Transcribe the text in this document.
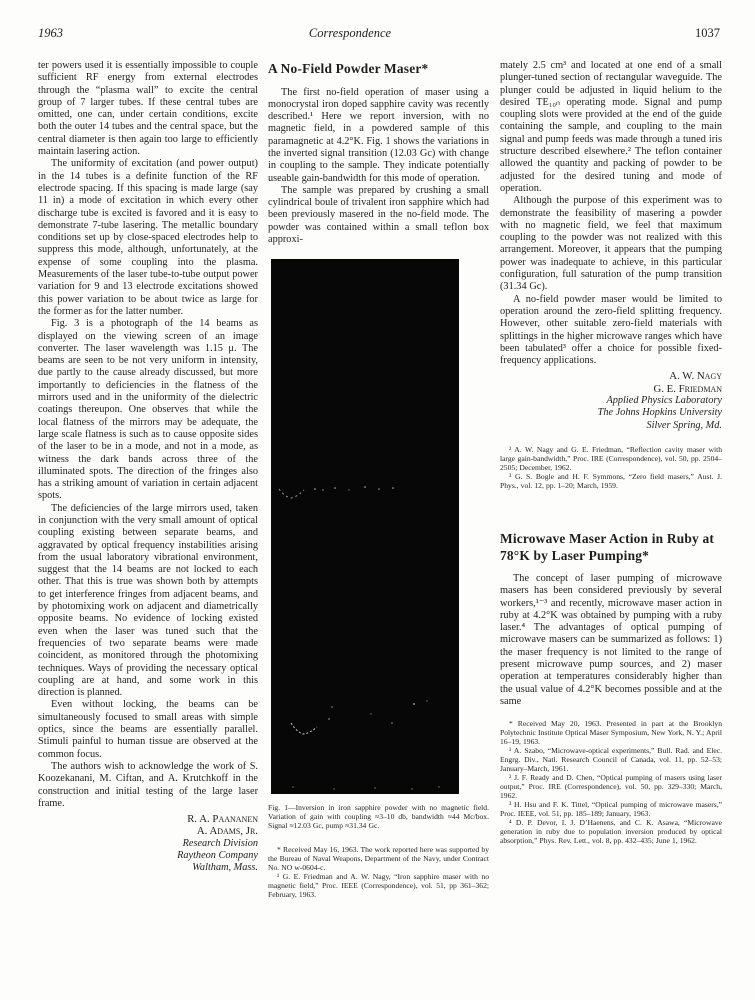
1963	Correspondence	1037

ter powers used it is essentially impossible to couple sufficient RF energy from external electrodes through the “plasma wall” to excite the central group of 7 larger tubes. If these central tubes are omitted, one can, under certain conditions, excite both the outer 14 tubes and the central space, but the central diameter is then again too large to efficiently maintain lasering action.

The uniformity of excitation (and power output) in the 14 tubes is a definite function of the RF electrode spacing. If this spacing is made large (say 11 in) a mode of excitation in which every other discharge tube is excited is favored and it is easy to demonstrate 7-tube lasering. The metallic boundary conditions set up by close-spaced electrodes help to suppress this mode, although, unfortunately, at the expense of some coupling into the plasma. Measurements of the laser tube-to-tube output power variation for 9 and 13 electrode excitations showed this power variation to be about twice as large for the former as for the latter number.

Fig. 3 is a photograph of the 14 beams as displayed on the viewing screen of an image converter. The laser wavelength was 1.15 μ. The beams are seen to be not very uniform in intensity, due partly to the cause already discussed, but more importantly to deficiencies in the flatness of the mirrors used and in the uniformity of the dielectric coatings thereupon. One observes that while the local flatness of the mirrors may be adequate, the large scale flatness is such as to cause opposite sides of the laser to be in a mode, and not in a mode, as witness the dark bands across three of the illuminated spots. The direction of the fringes also has a striking amount of variation in certain adjacent spots.

The deficiencies of the large mirrors used, taken in conjunction with the very small amount of optical coupling existing between separate beams, and aggravated by optical frequency instabilities arising from the usual laboratory vibrational environment, suggest that the 14 beams are not locked to each other. That this is true was shown both by attempts to get interference fringes from adjacent beams, and by photomixing work on adjacent and diametrically opposite beams. No evidence of locking existed even when the laser was tuned such that the frequencies of two separate beams were made coincident, as monitored through the photomixing techniques. Ways of providing the necessary optical coupling are at hand, and some work in this direction is planned.

Even without locking, the beams can be simultaneously focused to small areas with simple optics, since the beams are essentially parallel. Stimuli painful to human tissue are observed at the common focus.

The authors wish to acknowledge the work of S. Koozekanani, M. Ciftan, and A. Krutchkoff in the construction and initial testing of the large laser frame.

R. A. Paananen
A. Adams, Jr.
Research Division
Raytheon Company
Waltham, Mass.
A No-Field Powder Maser*

The first no-field operation of maser using a monocrystal iron doped sapphire cavity was recently described.¹ Here we report inversion, with no magnetic field, in a powdered sample of this paramagnetic at 4.2°K. Fig. 1 shows the variations in the inverted signal transition (12.03 Gc) with change in coupling to the sample. They indicate potentially useable gain-bandwidth for this mode of operation.

The sample was prepared by crushing a small cylindrical boule of trivalent iron sapphire which had been previously masered in the no-field mode. The powder was contained within a small teflon box approxi-

Fig. 1—Inversion in iron sapphire powder with no magnetic field. Variation of gain with coupling ≈3–10 db, bandwidth ≈44 Mc/box. Signal ≈12.03 Gc, pump ≈31.34 Gc.

* Received May 16, 1963. The work reported here was supported by the Bureau of Naval Weapons, Department of the Navy, under Contract No. NO w-0604-c.

¹ G. E. Friedman and A. W. Nagy, “Iron sapphire maser with no magnetic field,” Proc. IEEE (Correspondence), vol. 51, pp 361–362; February, 1963.

mately 2.5 cm³ and located at one end of a small plunger-tuned section of rectangular waveguide. The plunger could be adjusted in liquid helium to the desired TE₁₀ₙ operating mode. Signal and pump coupling slots were provided at the end of the guide containing the sample, and coupling to the main signal and pump feeds was made through a tuned iris structure described elsewhere.² The teflon container allowed the quantity and packing of powder to be adjusted for the desired tuning and mode of operation.

Although the purpose of this experiment was to demonstrate the feasibility of masering a powder with no magnetic field, we feel that maximum coupling to the powder was not realized with this arrangement. Moreover, it appears that the pumping power was inadequate to achieve, in this particular configuration, full saturation of the pump transition (31.34 Gc).

A no-field powder maser would be limited to operation around the zero-field splitting frequency. However, other suitable zero-field materials with splittings in the higher microwave ranges which have been tabulated³ offer a choice for possible fixed-frequency applications.

A. W. Nagy
G. E. Friedman
Applied Physics Laboratory
The Johns Hopkins University
Silver Spring, Md.

² A. W. Nagy and G. E. Friedman, “Reflection cavity maser with large gain-bandwidth,” Proc. IRE (Correspondence), vol. 50, pp. 2504–2505; December, 1962.

³ G. S. Bogle and H. F. Symmons, “Zero field masers,” Aust. J. Phys., vol. 12, pp. 1–20; March, 1959.

Microwave Maser Action in Ruby at 78°K by Laser Pumping*

The concept of laser pumping of microwave masers has been considered previously by several workers,¹⁻³ and recently, microwave maser action in ruby at 4.2°K was obtained by pumping with a ruby laser.⁴ The advantages of optical pumping of microwave masers can be summarized as follows: 1) the maser frequency is not limited to the range of present microwave pump sources, and 2) maser operation at temperatures considerably higher than the usual value of 4.2°K becomes possible and at the same

* Received May 20, 1963. Presented in part at the Brooklyn Polytechnic Institute Optical Maser Symposium, New York, N. Y.; April 16–19, 1963.

¹ A. Szabo, “Microwave-optical experiments,” Bull. Rad. and Elec. Engrg. Div., Natl. Research Council of Canada, vol. 11, pp. 52–53; January–March, 1961.

² J. F. Ready and D. Chen, “Optical pumping of masers using laser output,” Proc. IRE (Correspondence), vol. 50, pp. 329–330; March, 1962.

³ H. Hsu and F. K. Tittel, “Optical pumping of microwave masers,” Proc. IEEE, vol. 51, pp. 185–189; January, 1963.

⁴ D. P. Devor, I. J. D’Haenens, and C. K. Asawa, “Microwave generation in ruby due to population inversion produced by optical absorption,” Phys. Rev. Lett., vol. 8, pp. 432–435; June 1, 1962.
